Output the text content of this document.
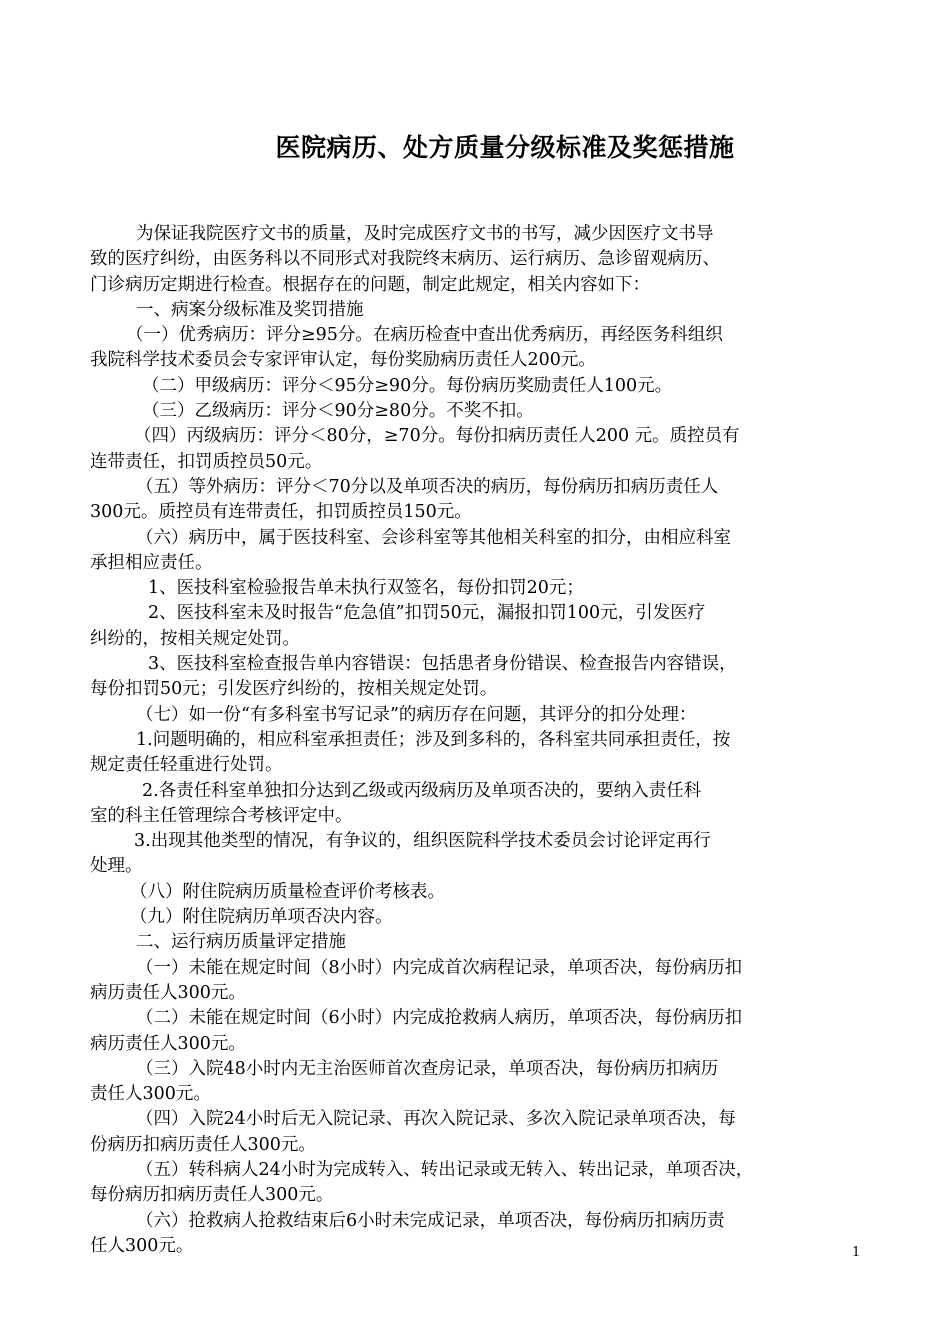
医院病历、处方质量分级标准及奖惩措施
为保证我院医疗文书的质量，及时完成医疗文书的书写，减少因医疗文书导
致的医疗纠纷，由医务科以不同形式对我院终末病历、运行病历、急诊留观病历、
门诊病历定期进行检查。根据存在的问题，制定此规定，相关内容如下：
一、病案分级标准及奖罚措施
（一）优秀病历：评分≥95分。在病历检查中查出优秀病历，再经医务科组织
我院科学技术委员会专家评审认定，每份奖励病历责任人200元。
（二）甲级病历：评分＜95分≥90分。每份病历奖励责任人100元。
（三）乙级病历：评分＜90分≥80分。不奖不扣。
（四）丙级病历：评分＜80分，≥70分。每份扣病历责任人200 元。质控员有
连带责任，扣罚质控员50元。
（五）等外病历：评分＜70分以及单项否决的病历，每份病历扣病历责任人
300元。质控员有连带责任，扣罚质控员150元。
（六）病历中，属于医技科室、会诊科室等其他相关科室的扣分，由相应科室
承担相应责任。
1、医技科室检验报告单未执行双签名，每份扣罚20元；
2、医技科室未及时报告“危急值”扣罚50元，漏报扣罚100元，引发医疗
纠纷的，按相关规定处罚。
3、医技科室检查报告单内容错误：包括患者身份错误、检查报告内容错误，
每份扣罚50元；引发医疗纠纷的，按相关规定处罚。
（七）如一份“有多科室书写记录”的病历存在问题，其评分的扣分处理：
1.问题明确的，相应科室承担责任；涉及到多科的，各科室共同承担责任，按
规定责任轻重进行处罚。
2.各责任科室单独扣分达到乙级或丙级病历及单项否决的，要纳入责任科
室的科主任管理综合考核评定中。
3.出现其他类型的情况，有争议的，组织医院科学技术委员会讨论评定再行
处理。
（八）附住院病历质量检查评价考核表。
（九）附住院病历单项否决内容。
二、运行病历质量评定措施
（一）未能在规定时间（8小时）内完成首次病程记录，单项否决，每份病历扣
病历责任人300元。
（二）未能在规定时间（6小时）内完成抢救病人病历，单项否决，每份病历扣
病历责任人300元。
（三）入院48小时内无主治医师首次查房记录，单项否决，每份病历扣病历
责任人300元。
（四）入院24小时后无入院记录、再次入院记录、多次入院记录单项否决，每
份病历扣病历责任人300元。
（五）转科病人24小时为完成转入、转出记录或无转入、转出记录，单项否决，
每份病历扣病历责任人300元。
（六）抢救病人抢救结束后6小时未完成记录，单项否决，每份病历扣病历责
任人300元。	1
